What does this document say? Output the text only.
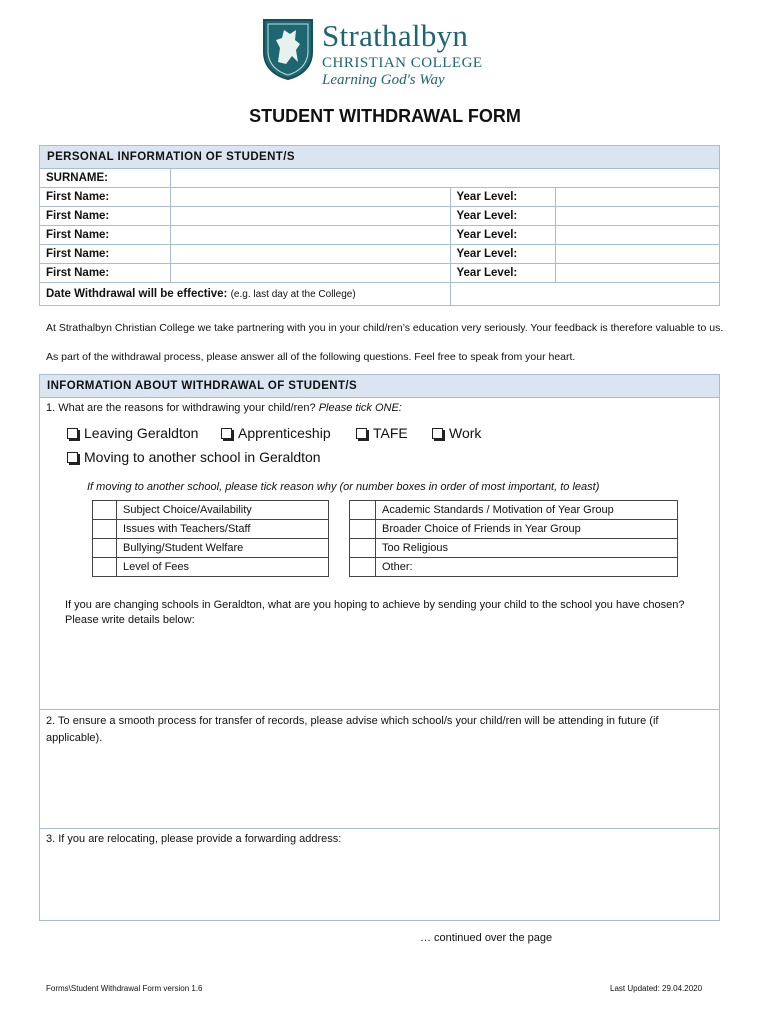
Strathalbyn
CHRISTIAN COLLEGE
Learning God's Way
STUDENT WITHDRAWAL FORM
PERSONAL INFORMATION OF STUDENT/S
SURNAME:			
First Name:		Year Level:	
First Name:		Year Level:	
First Name:		Year Level:	
First Name:		Year Level:	
First Name:		Year Level:	
Date Withdrawal will be effective: (e.g. last day at the College)			
At Strathalbyn Christian College we take partnering with you in your child/ren’s education very seriously. Your feedback is therefore valuable to us.
As part of the withdrawal process, please answer all of the following questions. Feel free to speak from your heart.
INFORMATION ABOUT WITHDRAWAL OF STUDENT/S
1. What are the reasons for withdrawing your child/ren? Please tick ONE:
Leaving Geraldton	Apprenticeship	TAFE	Work
Moving to another school in Geraldton
If moving to another school, please tick reason why (or number boxes in order of most important, to least)
	Subject Choice/Availability
	Issues with Teachers/Staff
	Bullying/Student Welfare
	Level of Fees
	Academic Standards / Motivation of Year Group
	Broader Choice of Friends in Year Group
	Too Religious
	Other:
If you are changing schools in Geraldton, what are you hoping to achieve by sending your child to the school you have chosen? Please write details below:
2. To ensure a smooth process for transfer of records, please advise which school/s your child/ren will be attending in future (if applicable).
3. If you are relocating, please provide a forwarding address:
… continued over the page
Forms\Student Withdrawal Form version 1.6	Last Updated: 29.04.2020
